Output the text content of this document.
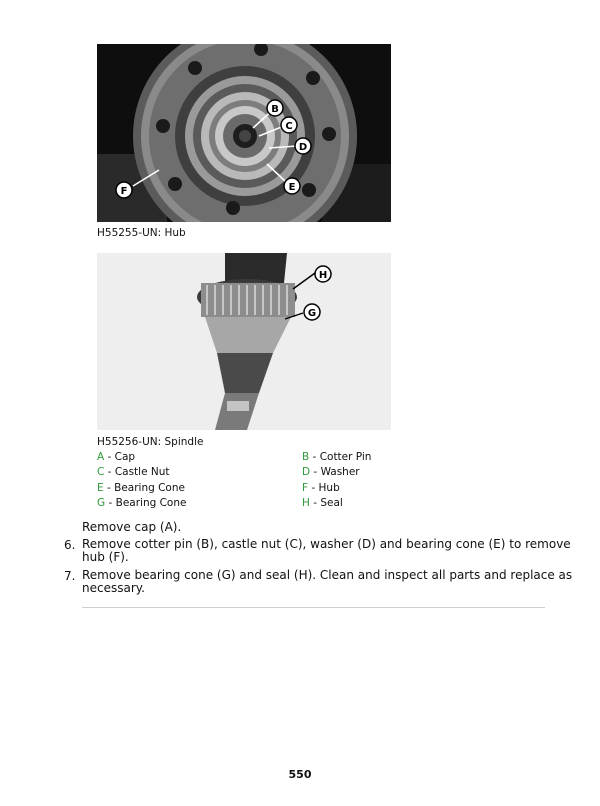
B
C
D
E
F
H55255-UN: Hub
H
G
H55256-UN: Spindle
A - Cap	B - Cotter Pin
C - Castle Nut	D - Washer
E - Bearing Cone	F - Hub
G - Bearing Cone	H - Seal
Remove cap (A).
6. Remove cotter pin (B), castle nut (C), washer (D) and bearing cone (E) to remove
hub (F).
7. Remove bearing cone (G) and seal (H). Clean and inspect all parts and replace as
necessary.
550
